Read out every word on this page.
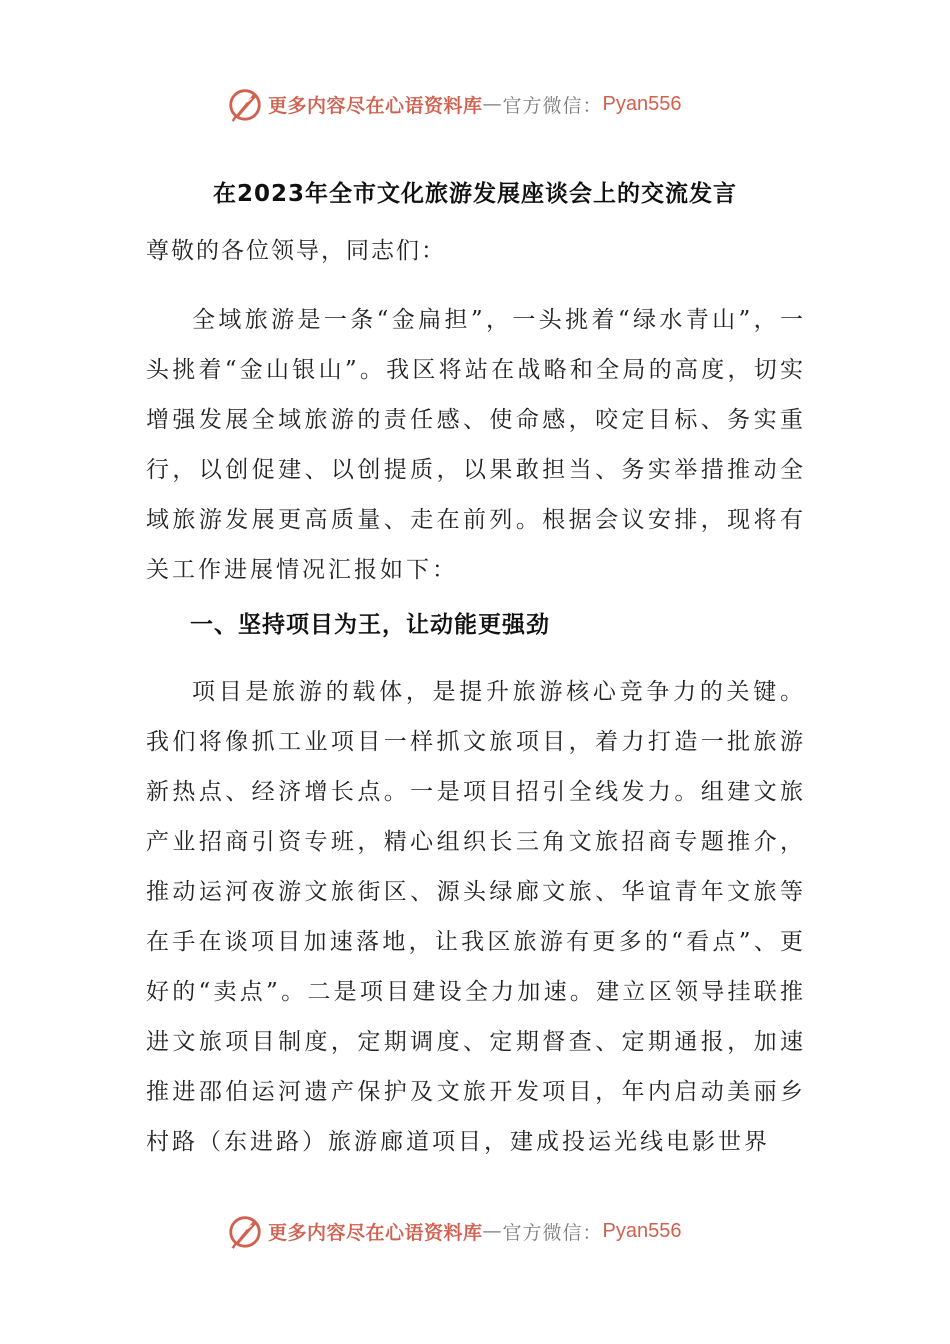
更多内容尽在心语资料库 — 官方微信： Pyan556
在2023年全市文化旅游发展座谈会上的交流发言

尊敬的各位领导，同志们：

全域旅游是一条“金扁担”，一头挑着“绿水青山”，一头挑着“金山银山”。我区将站在战略和全局的高度，切实增强发展全域旅游的责任感、使命感，咬定目标、务实重行，以创促建、以创提质，以果敢担当、务实举措推动全域旅游发展更高质量、走在前列。根据会议安排，现将有关工作进展情况汇报如下：

一、坚持项目为王，让动能更强劲

项目是旅游的载体，是提升旅游核心竞争力的关键。我们将像抓工业项目一样抓文旅项目，着力打造一批旅游新热点、经济增长点。一是项目招引全线发力。组建文旅产业招商引资专班，精心组织长三角文旅招商专题推介，推动运河夜游文旅街区、源头绿廊文旅、华谊青年文旅等在手在谈项目加速落地，让我区旅游有更多的“看点”、更好的“卖点”。二是项目建设全力加速。建立区领导挂联推进文旅项目制度，定期调度、定期督查、定期通报，加速推进邵伯运河遗产保护及文旅开发项目，年内启动美丽乡村路（东进路）旅游廊道项目，建成投运光线电影世界

更多内容尽在心语资料库 — 官方微信： Pyan556
